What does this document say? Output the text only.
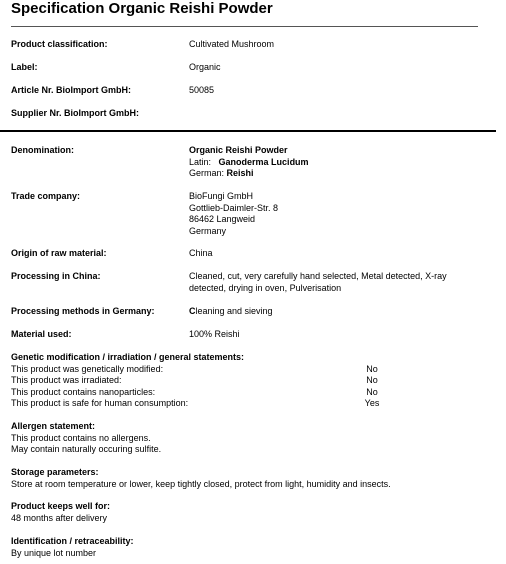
Specification Organic Reishi Powder
Product classification:	Cultivated Mushroom
Label:	Organic
Article Nr. BioImport GmbH:	50085
Supplier Nr. BioImport GmbH:
Denomination:	Organic Reishi Powder
Latin: Ganoderma Lucidum
German: Reishi
Trade company:	BioFungi GmbH
Gottlieb-Daimler-Str. 8
86462 Langweid
Germany
Origin of raw material:	China
Processing in China:	Cleaned, cut, very carefully hand selected, Metal detected, X-ray
detected, drying in oven, Pulverisation
Processing methods in Germany:	Cleaning and sieving
Material used:	100% Reishi
Genetic modification / irradiation / general statements:
This product was genetically modified:	No
This product was irradiated:	No
This product contains nanoparticles:	No
This product is safe for human consumption:	Yes
Allergen statement:
This product contains no allergens.
May contain naturally occuring sulfite.
Storage parameters:
Store at room temperature or lower, keep tightly closed, protect from light, humidity and insects.
Product keeps well for:
48 months after delivery
Identification / retraceability:
By unique lot number
